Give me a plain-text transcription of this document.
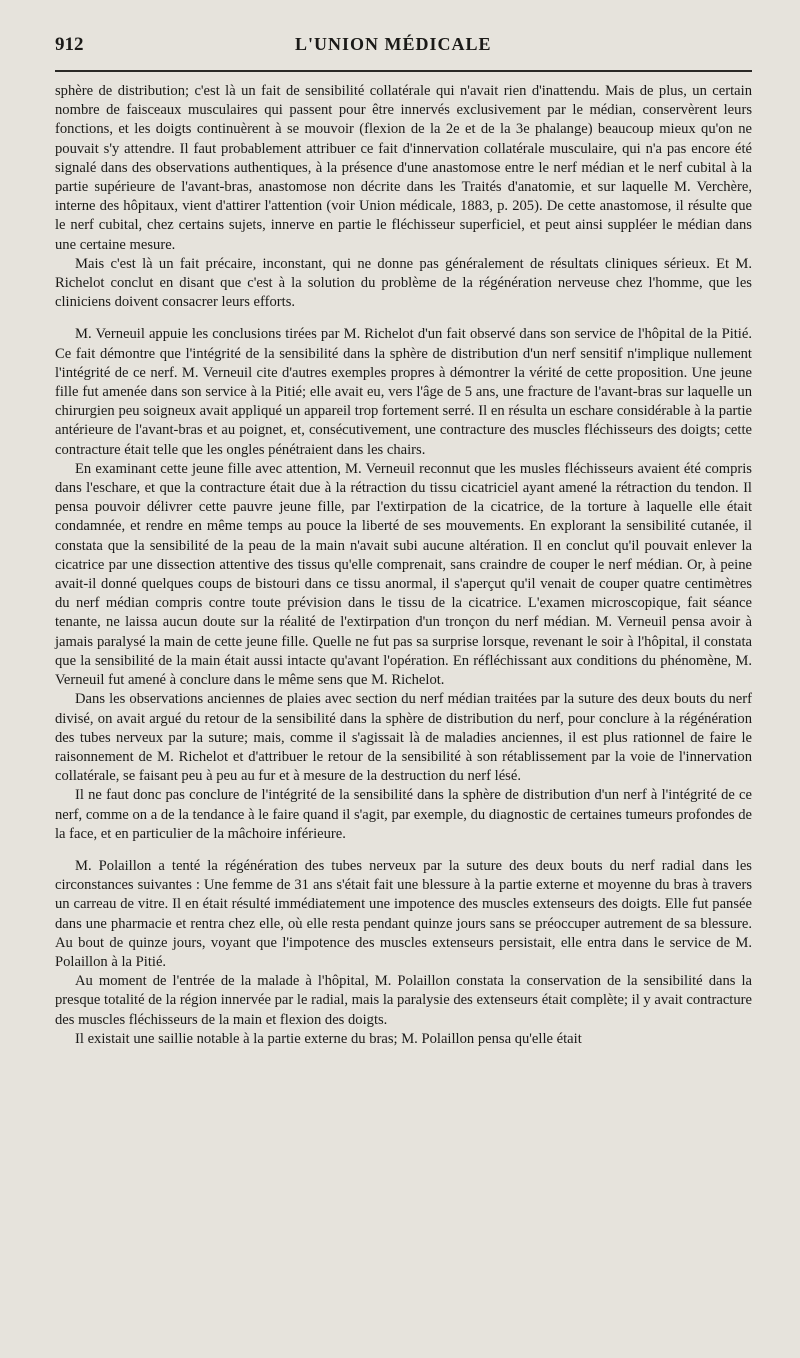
912	L'UNION MÉDICALE

sphère de distribution; c'est là un fait de sensibilité collatérale qui n'avait rien d'inattendu. Mais de plus, un certain nombre de faisceaux musculaires qui passent pour être innervés exclusivement par le médian, conservèrent leurs fonctions, et les doigts continuèrent à se mouvoir (flexion de la 2e et de la 3e phalange) beaucoup mieux qu'on ne pouvait s'y attendre. Il faut probablement attribuer ce fait d'innervation collatérale musculaire, qui n'a pas encore été signalé dans des observations authentiques, à la présence d'une anastomose entre le nerf médian et le nerf cubital à la partie supérieure de l'avant-bras, anastomose non décrite dans les Traités d'anatomie, et sur laquelle M. Verchère, interne des hôpitaux, vient d'attirer l'attention (voir Union médicale, 1883, p. 205). De cette anastomose, il résulte que le nerf cubital, chez certains sujets, innerve en partie le fléchisseur superficiel, et peut ainsi suppléer le médian dans une certaine mesure.

Mais c'est là un fait précaire, inconstant, qui ne donne pas généralement de résultats cliniques sérieux. Et M. Richelot conclut en disant que c'est à la solution du problème de la régénération nerveuse chez l'homme, que les cliniciens doivent consacrer leurs efforts.

M. Verneuil appuie les conclusions tirées par M. Richelot d'un fait observé dans son service de l'hôpital de la Pitié. Ce fait démontre que l'intégrité de la sensibilité dans la sphère de distribution d'un nerf sensitif n'implique nullement l'intégrité de ce nerf. M. Verneuil cite d'autres exemples propres à démontrer la vérité de cette proposition. Une jeune fille fut amenée dans son service à la Pitié; elle avait eu, vers l'âge de 5 ans, une fracture de l'avant-bras sur laquelle un chirurgien peu soigneux avait appliqué un appareil trop fortement serré. Il en résulta un eschare considérable à la partie antérieure de l'avant-bras et au poignet, et, consécutivement, une contracture des muscles fléchisseurs des doigts; cette contracture était telle que les ongles pénétraient dans les chairs.

En examinant cette jeune fille avec attention, M. Verneuil reconnut que les musles fléchisseurs avaient été compris dans l'eschare, et que la contracture était due à la rétraction du tissu cicatriciel ayant amené la rétraction du tendon. Il pensa pouvoir délivrer cette pauvre jeune fille, par l'extirpation de la cicatrice, de la torture à laquelle elle était condamnée, et rendre en même temps au pouce la liberté de ses mouvements. En explorant la sensibilité cutanée, il constata que la sensibilité de la peau de la main n'avait subi aucune altération. Il en conclut qu'il pouvait enlever la cicatrice par une dissection attentive des tissus qu'elle comprenait, sans craindre de couper le nerf médian. Or, à peine avait-il donné quelques coups de bistouri dans ce tissu anormal, il s'aperçut qu'il venait de couper quatre centimètres du nerf médian compris contre toute prévision dans le tissu de la cicatrice. L'examen microscopique, fait séance tenante, ne laissa aucun doute sur la réalité de l'extirpation d'un tronçon du nerf médian. M. Verneuil pensa avoir à jamais paralysé la main de cette jeune fille. Quelle ne fut pas sa surprise lorsque, revenant le soir à l'hôpital, il constata que la sensibilité de la main était aussi intacte qu'avant l'opération. En réfléchissant aux conditions du phénomène, M. Verneuil fut amené à conclure dans le même sens que M. Richelot.

Dans les observations anciennes de plaies avec section du nerf médian traitées par la suture des deux bouts du nerf divisé, on avait argué du retour de la sensibilité dans la sphère de distribution du nerf, pour conclure à la régénération des tubes nerveux par la suture; mais, comme il s'agissait là de maladies anciennes, il est plus rationnel de faire le raisonnement de M. Richelot et d'attribuer le retour de la sensibilité à son rétablissement par la voie de l'innervation collatérale, se faisant peu à peu au fur et à mesure de la destruction du nerf lésé.

Il ne faut donc pas conclure de l'intégrité de la sensibilité dans la sphère de distribution d'un nerf à l'intégrité de ce nerf, comme on a de la tendance à le faire quand il s'agit, par exemple, du diagnostic de certaines tumeurs profondes de la face, et en particulier de la mâchoire inférieure.

M. Polaillon a tenté la régénération des tubes nerveux par la suture des deux bouts du nerf radial dans les circonstances suivantes : Une femme de 31 ans s'était fait une blessure à la partie externe et moyenne du bras à travers un carreau de vitre. Il en était résulté immédiatement une impotence des muscles extenseurs des doigts. Elle fut pansée dans une pharmacie et rentra chez elle, où elle resta pendant quinze jours sans se préoccuper autrement de sa blessure. Au bout de quinze jours, voyant que l'impotence des muscles extenseurs persistait, elle entra dans le service de M. Polaillon à la Pitié.

Au moment de l'entrée de la malade à l'hôpital, M. Polaillon constata la conservation de la sensibilité dans la presque totalité de la région innervée par le radial, mais la paralysie des extenseurs était complète; il y avait contracture des muscles fléchisseurs de la main et flexion des doigts.

Il existait une saillie notable à la partie externe du bras; M. Polaillon pensa qu'elle était
